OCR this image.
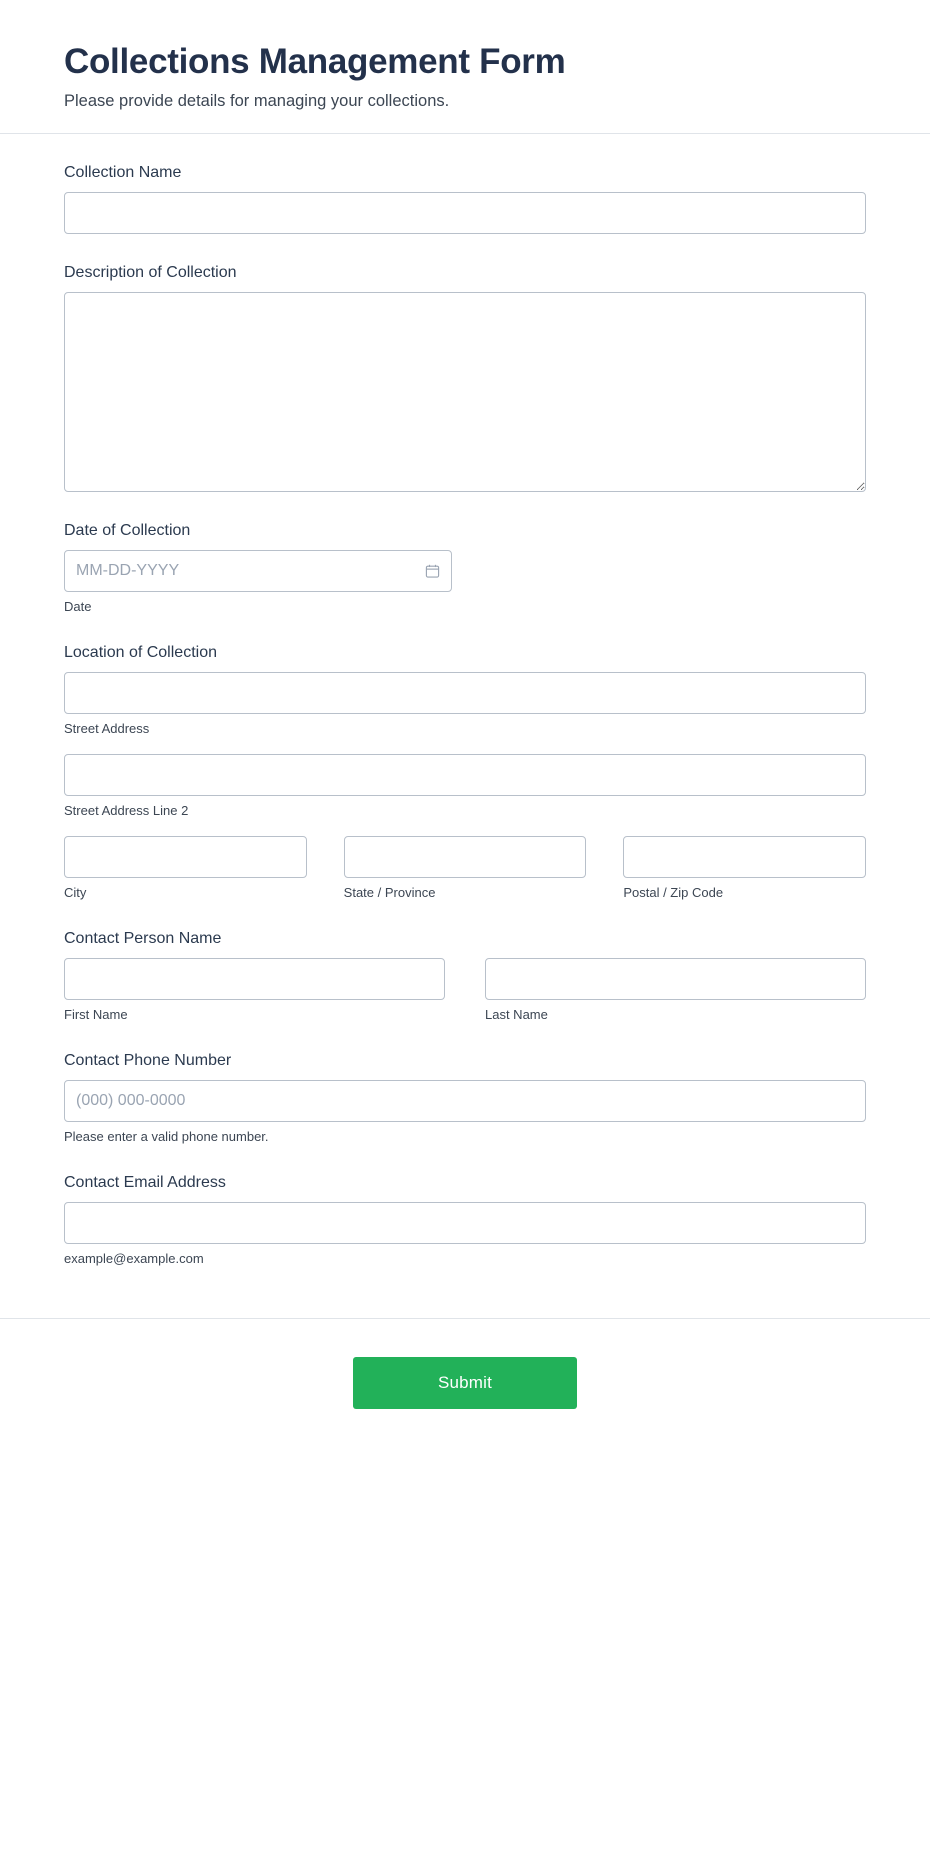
Collections Management Form

Please provide details for managing your collections.

Collection Name
Description of Collection
Date of Collection
MM-DD-YYYY
Date
Location of Collection
Street Address
Street Address Line 2
City	State / Province	Postal / Zip Code
Contact Person Name
First Name	Last Name
Contact Phone Number
(000) 000-0000
Please enter a valid phone number.
Contact Email Address
example@example.com
Submit
